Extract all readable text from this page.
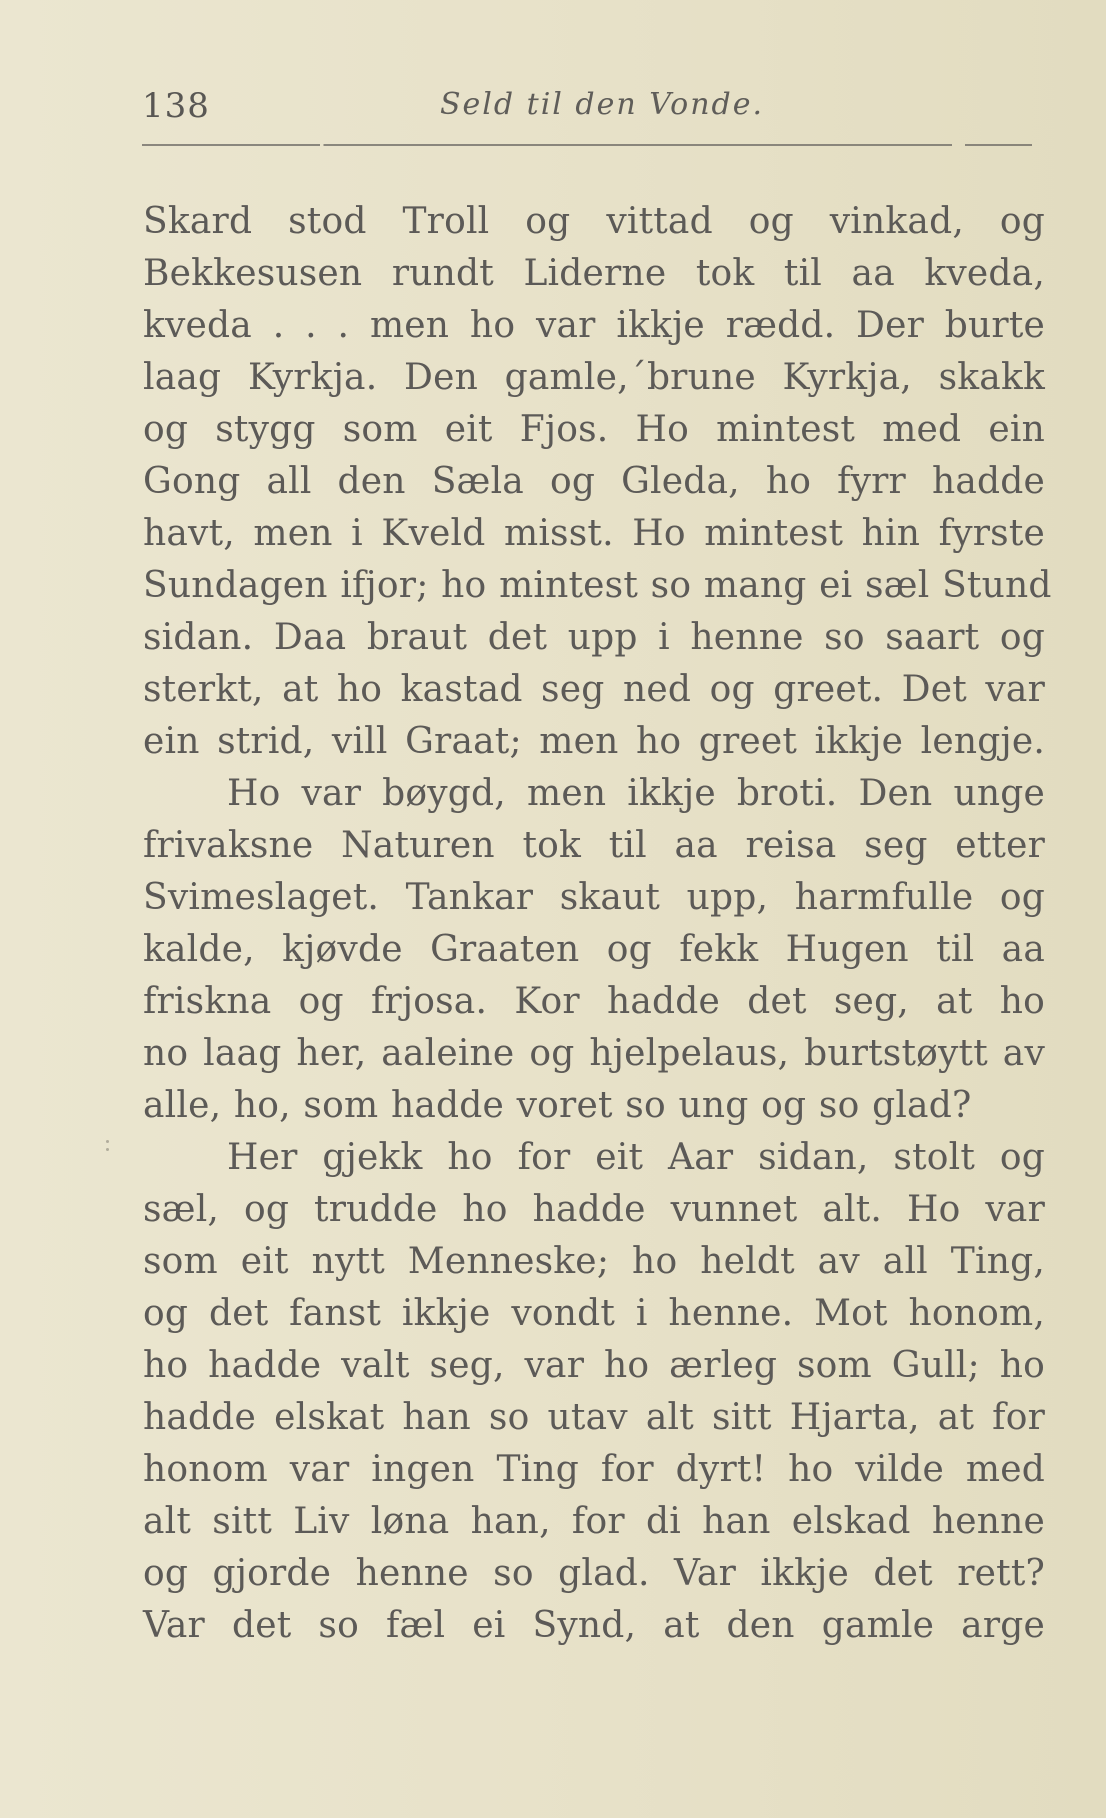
138	Seld til den Vonde.
Skard stod Troll og vittad og vinkad, og
Bekkesusen rundt Liderne tok til aa kveda,
kveda . . . men ho var ikkje rædd. Der burte
laag Kyrkja. Den gamle,´brune Kyrkja, skakk
og stygg som eit Fjos. Ho mintest med ein
Gong all den Sæla og Gleda, ho fyrr hadde
havt, men i Kveld misst. Ho mintest hin fyrste
Sundagen ifjor; ho mintest so mang ei sæl Stund
sidan. Daa braut det upp i henne so saart og
sterkt, at ho kastad seg ned og greet. Det var
ein strid, vill Graat; men ho greet ikkje lengje.
Ho var bøygd, men ikkje broti. Den unge
frivaksne Naturen tok til aa reisa seg etter
Svimeslaget. Tankar skaut upp, harmfulle og
kalde, kjøvde Graaten og fekk Hugen til aa
friskna og frjosa. Kor hadde det seg, at ho
no laag her, aaleine og hjelpelaus, burtstøytt av
alle, ho, som hadde voret so ung og so glad?
Her gjekk ho for eit Aar sidan, stolt og
sæl, og trudde ho hadde vunnet alt. Ho var
som eit nytt Menneske; ho heldt av all Ting,
og det fanst ikkje vondt i henne. Mot honom,
ho hadde valt seg, var ho ærleg som Gull; ho
hadde elskat han so utav alt sitt Hjarta, at for
honom var ingen Ting for dyrt! ho vilde med
alt sitt Liv løna han, for di han elskad henne
og gjorde henne so glad. Var ikkje det rett?
Var det so fæl ei Synd, at den gamle arge
